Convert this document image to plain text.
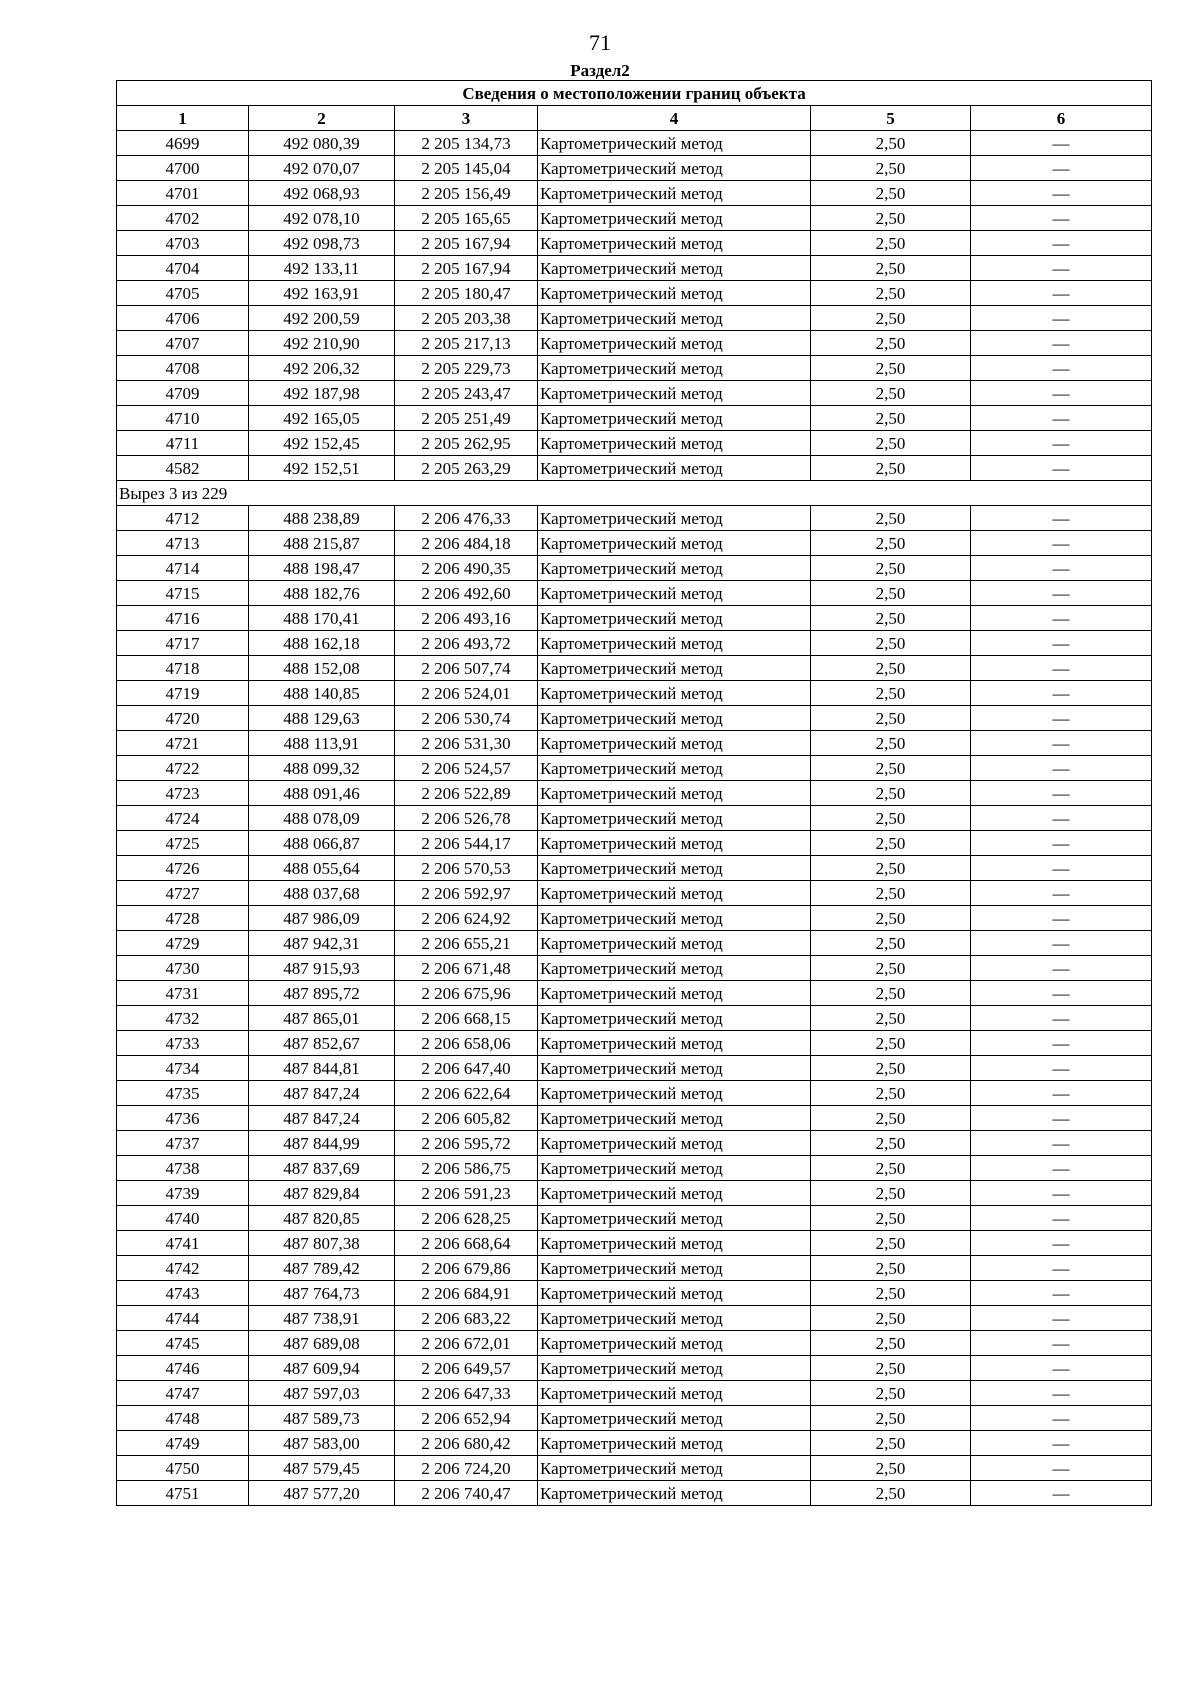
71
Раздел2
Сведения о местоположении границ объекта					
1	2	3	4	5	6
4699	492 080,39	2 205 134,73	Картометрический метод	2,50	—
4700	492 070,07	2 205 145,04	Картометрический метод	2,50	—
4701	492 068,93	2 205 156,49	Картометрический метод	2,50	—
4702	492 078,10	2 205 165,65	Картометрический метод	2,50	—
4703	492 098,73	2 205 167,94	Картометрический метод	2,50	—
4704	492 133,11	2 205 167,94	Картометрический метод	2,50	—
4705	492 163,91	2 205 180,47	Картометрический метод	2,50	—
4706	492 200,59	2 205 203,38	Картометрический метод	2,50	—
4707	492 210,90	2 205 217,13	Картометрический метод	2,50	—
4708	492 206,32	2 205 229,73	Картометрический метод	2,50	—
4709	492 187,98	2 205 243,47	Картометрический метод	2,50	—
4710	492 165,05	2 205 251,49	Картометрический метод	2,50	—
4711	492 152,45	2 205 262,95	Картометрический метод	2,50	—
4582	492 152,51	2 205 263,29	Картометрический метод	2,50	—
Вырез 3 из 229					
4712	488 238,89	2 206 476,33	Картометрический метод	2,50	—
4713	488 215,87	2 206 484,18	Картометрический метод	2,50	—
4714	488 198,47	2 206 490,35	Картометрический метод	2,50	—
4715	488 182,76	2 206 492,60	Картометрический метод	2,50	—
4716	488 170,41	2 206 493,16	Картометрический метод	2,50	—
4717	488 162,18	2 206 493,72	Картометрический метод	2,50	—
4718	488 152,08	2 206 507,74	Картометрический метод	2,50	—
4719	488 140,85	2 206 524,01	Картометрический метод	2,50	—
4720	488 129,63	2 206 530,74	Картометрический метод	2,50	—
4721	488 113,91	2 206 531,30	Картометрический метод	2,50	—
4722	488 099,32	2 206 524,57	Картометрический метод	2,50	—
4723	488 091,46	2 206 522,89	Картометрический метод	2,50	—
4724	488 078,09	2 206 526,78	Картометрический метод	2,50	—
4725	488 066,87	2 206 544,17	Картометрический метод	2,50	—
4726	488 055,64	2 206 570,53	Картометрический метод	2,50	—
4727	488 037,68	2 206 592,97	Картометрический метод	2,50	—
4728	487 986,09	2 206 624,92	Картометрический метод	2,50	—
4729	487 942,31	2 206 655,21	Картометрический метод	2,50	—
4730	487 915,93	2 206 671,48	Картометрический метод	2,50	—
4731	487 895,72	2 206 675,96	Картометрический метод	2,50	—
4732	487 865,01	2 206 668,15	Картометрический метод	2,50	—
4733	487 852,67	2 206 658,06	Картометрический метод	2,50	—
4734	487 844,81	2 206 647,40	Картометрический метод	2,50	—
4735	487 847,24	2 206 622,64	Картометрический метод	2,50	—
4736	487 847,24	2 206 605,82	Картометрический метод	2,50	—
4737	487 844,99	2 206 595,72	Картометрический метод	2,50	—
4738	487 837,69	2 206 586,75	Картометрический метод	2,50	—
4739	487 829,84	2 206 591,23	Картометрический метод	2,50	—
4740	487 820,85	2 206 628,25	Картометрический метод	2,50	—
4741	487 807,38	2 206 668,64	Картометрический метод	2,50	—
4742	487 789,42	2 206 679,86	Картометрический метод	2,50	—
4743	487 764,73	2 206 684,91	Картометрический метод	2,50	—
4744	487 738,91	2 206 683,22	Картометрический метод	2,50	—
4745	487 689,08	2 206 672,01	Картометрический метод	2,50	—
4746	487 609,94	2 206 649,57	Картометрический метод	2,50	—
4747	487 597,03	2 206 647,33	Картометрический метод	2,50	—
4748	487 589,73	2 206 652,94	Картометрический метод	2,50	—
4749	487 583,00	2 206 680,42	Картометрический метод	2,50	—
4750	487 579,45	2 206 724,20	Картометрический метод	2,50	—
4751	487 577,20	2 206 740,47	Картометрический метод	2,50	—
